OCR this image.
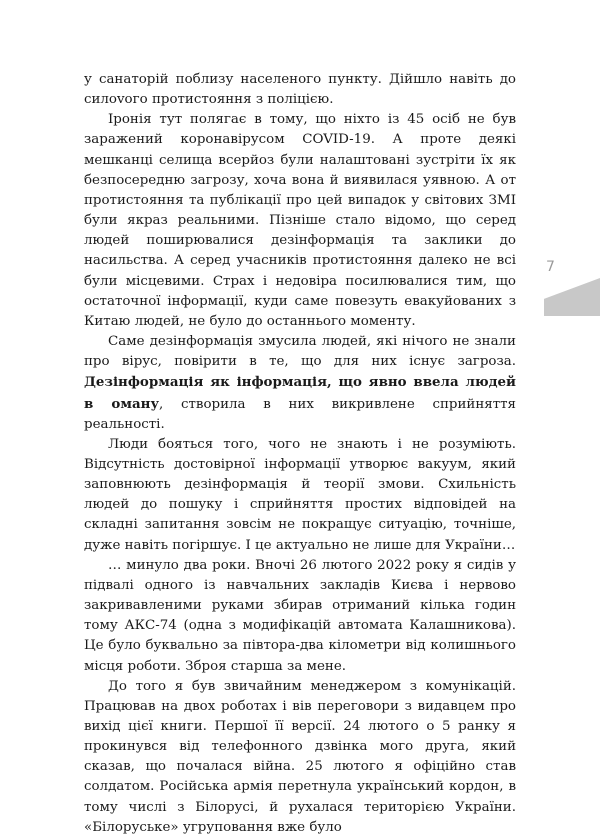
у санаторій поблизу населеного пункту. Дійшло навіть до силоvого протистояння з поліцією.

Іронія тут полягає в тому, що ніхто із 45 осіб не був заражений коронавірусом COVID-19. А проте деякі мешканці селища всерйоз були налаштовані зустріти їх як безпосередню загрозу, хоча вона й виявилася уявною. А от протистояння та публікації про цей випадок у світових ЗМІ були якраз реальними. Пізніше стало відомо, що серед людей поширювалися дезінформація та заклики до насильства. А серед учасників протистояння далеко не всі були місцевими. Страх і недовіра посилювалися тим, що остаточної інформації, куди саме повезуть евакуйованих з Китаю людей, не було до останнього моменту.

Саме дезінформація змусила людей, які нічого не знали про вірус, повірити в те, що для них існує загроза. Дезінформація як інформація, що явно ввела людей в оману, створила в них викривлене сприйняття реальності.

Люди бояться того, чого не знають і не розуміють. Відсутність достовірної інформації утворює вакуум, який заповнюють дезінформація й теорії змови. Схильність людей до пошуку і сприйняття простих відповідей на складні запитання зовсім не покращує ситуацію, точніше, дуже навіть погіршує. І це актуально не лише для України…

… минуло два роки. Вночі 26 лютого 2022 року я сидів у підвалі одного із навчальних закладів Києва і нервово закривавленими руками збирав отриманий кілька годин тому АКС-74 (одна з модифікацій автомата Калашникова). Це було буквально за півтора-два кілометри від колишнього місця роботи. Зброя старша за мене.

До того я був звичайним менеджером з комунікацій. Працював на двох роботах і вів переговори з видавцем про вихід цієї книги. Першої її версії. 24 лютого о 5 ранку я прокинувся від телефонного дзвінка мого друга, який сказав, що почалася війна. 25 лютого я офіційно став солдатом. Російська армія перетнула український кордон, в тому числі з Білорусі, й рухалася територією України. «Білоруське» угруповання вже було

7
